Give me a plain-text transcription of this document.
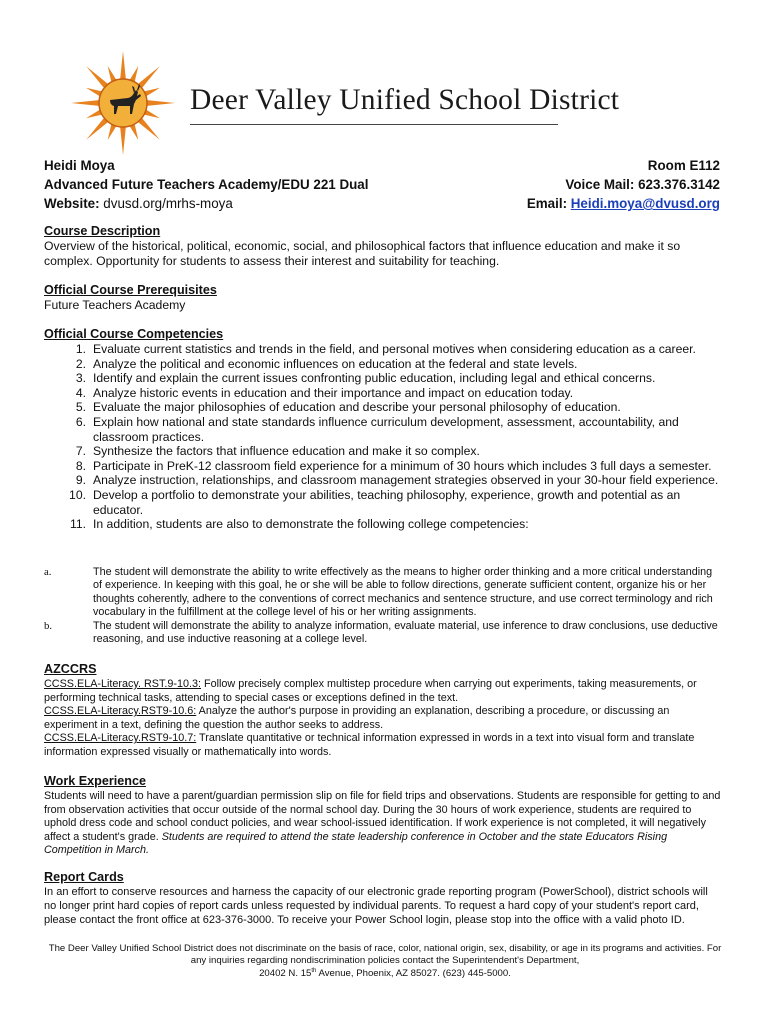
Deer Valley Unified School District
Heidi Moya
Advanced Future Teachers Academy/EDU 221 Dual
Website: dvusd.org/mrhs-moya
Room E112
Voice Mail: 623.376.3142
Email: Heidi.moya@dvusd.org
Course Description
Overview of the historical, political, economic, social, and philosophical factors that influence education and make it so complex. Opportunity for students to assess their interest and suitability for teaching.
Official Course Prerequisites
Future Teachers Academy
Official Course Competencies
1. Evaluate current statistics and trends in the field, and personal motives when considering education as a career.
2. Analyze the political and economic influences on education at the federal and state levels.
3. Identify and explain the current issues confronting public education, including legal and ethical concerns.
4. Analyze historic events in education and their importance and impact on education today.
5. Evaluate the major philosophies of education and describe your personal philosophy of education.
6. Explain how national and state standards influence curriculum development, assessment, accountability, and classroom practices.
7. Synthesize the factors that influence education and make it so complex.
8. Participate in PreK-12 classroom field experience for a minimum of 30 hours which includes 3 full days a semester.
9. Analyze instruction, relationships, and classroom management strategies observed in your 30-hour field experience.
10. Develop a portfolio to demonstrate your abilities, teaching philosophy, experience, growth and potential as an educator.
11. In addition, students are also to demonstrate the following college competencies:
a.	The student will demonstrate the ability to write effectively as the means to higher order thinking and a more critical understanding of experience. In keeping with this goal, he or she will be able to follow directions, generate sufficient content, organize his or her thoughts coherently, adhere to the conventions of correct mechanics and sentence structure, and use correct terminology and rich vocabulary in the fulfillment at the college level of his or her writing assignments.
b.	The student will demonstrate the ability to analyze information, evaluate material, use inference to draw conclusions, use deductive reasoning, and use inductive reasoning at a college level.
AZCCRS
CCSS.ELA-Literacy. RST.9-10.3: Follow precisely complex multistep procedure when carrying out experiments, taking measurements, or performing technical tasks, attending to special cases or exceptions defined in the text.
CCSS.ELA-Literacy.RST9-10.6: Analyze the author's purpose in providing an explanation, describing a procedure, or discussing an experiment in a text, defining the question the author seeks to address.
CCSS.ELA-Literacy.RST9-10.7: Translate quantitative or technical information expressed in words in a text into visual form and translate information expressed visually or mathematically into words.
Work Experience
Students will need to have a parent/guardian permission slip on file for field trips and observations. Students are responsible for getting to and from observation activities that occur outside of the normal school day. During the 30 hours of work experience, students are required to uphold dress code and school conduct policies, and wear school-issued identification. If work experience is not completed, it will negatively affect a student's grade. Students are required to attend the state leadership conference in October and the state Educators Rising Competition in March.
Report Cards
In an effort to conserve resources and harness the capacity of our electronic grade reporting program (PowerSchool), district schools will no longer print hard copies of report cards unless requested by individual parents. To request a hard copy of your student's report card, please contact the front office at 623-376-3000. To receive your Power School login, please stop into the office with a valid photo ID.
The Deer Valley Unified School District does not discriminate on the basis of race, color, national origin, sex, disability, or age in its programs and activities. For any inquiries regarding nondiscrimination policies contact the Superintendent's Department,
20402 N. 15th Avenue, Phoenix, AZ 85027. (623) 445-5000.
